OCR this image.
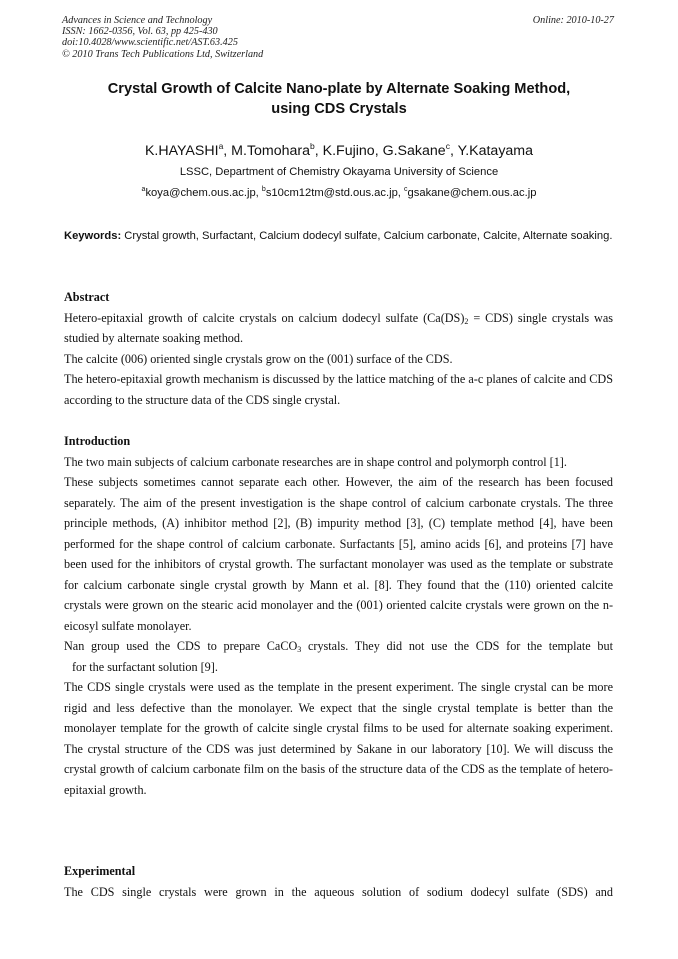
Advances in Science and Technology
ISSN: 1662-0356, Vol. 63, pp 425-430
doi:10.4028/www.scientific.net/AST.63.425
© 2010 Trans Tech Publications Ltd, Switzerland
Online: 2010-10-27
Crystal Growth of Calcite Nano-plate by Alternate Soaking Method,
using CDS Crystals
K.HAYASHI$^a$, M.Tomohara$^b$, K.Fujino, G.Sakane$^c$, Y.Katayama
LSSC, Department of Chemistry Okayama University of Science
$^a$koya@chem.ous.ac.jp, $^b$s10cm12tm@std.ous.ac.jp, $^c$gsakane@chem.ous.ac.jp
Keywords: Crystal growth, Surfactant, Calcium dodecyl sulfate, Calcium carbonate, Calcite, Alternate soaking.
Abstract

Hetero-epitaxial growth of calcite crystals on calcium dodecyl sulfate $(Ca(DS)_2 = CDS)$ single crystals was studied by alternate soaking method.

The calcite (006) oriented single crystals grow on the (001) surface of the CDS.

The hetero-epitaxial growth mechanism is discussed by the lattice matching of the a-c planes of calcite and CDS according to the structure data of the CDS single crystal.

Introduction

The two main subjects of calcium carbonate researches are in shape control and polymorph control [1].

These subjects sometimes cannot separate each other. However, the aim of the research has been focused separately. The aim of the present investigation is the shape control of calcium carbonate crystals. The three principle methods, (A) inhibitor method [2], (B) impurity method [3], (C) template method [4], have been performed for the shape control of calcium carbonate. Surfactants [5], amino acids [6], and proteins [7] have been used for the inhibitors of crystal growth. The surfactant monolayer was used as the template or substrate for calcium carbonate single crystal growth by Mann et al. [8]. They found that the (110) oriented calcite crystals were grown on the stearic acid monolayer and the (001) oriented calcite crystals were grown on the n-eicosyl sulfate monolayer.

Nan group used the CDS to prepare CaCO$_3$ crystals. They did not use the CDS for the template but

for the surfactant solution [9].

The CDS single crystals were used as the template in the present experiment. The single crystal can be more rigid and less defective than the monolayer. We expect that the single crystal template is better than the monolayer template for the growth of calcite single crystal films to be used for alternate soaking experiment. The crystal structure of the CDS was just determined by Sakane in our laboratory [10]. We will discuss the crystal growth of calcium carbonate film on the basis of the structure data of the CDS as the template of hetero-epitaxial growth.

Experimental

The CDS single crystals were grown in the aqueous solution of sodium dodecyl sulfate (SDS) and
